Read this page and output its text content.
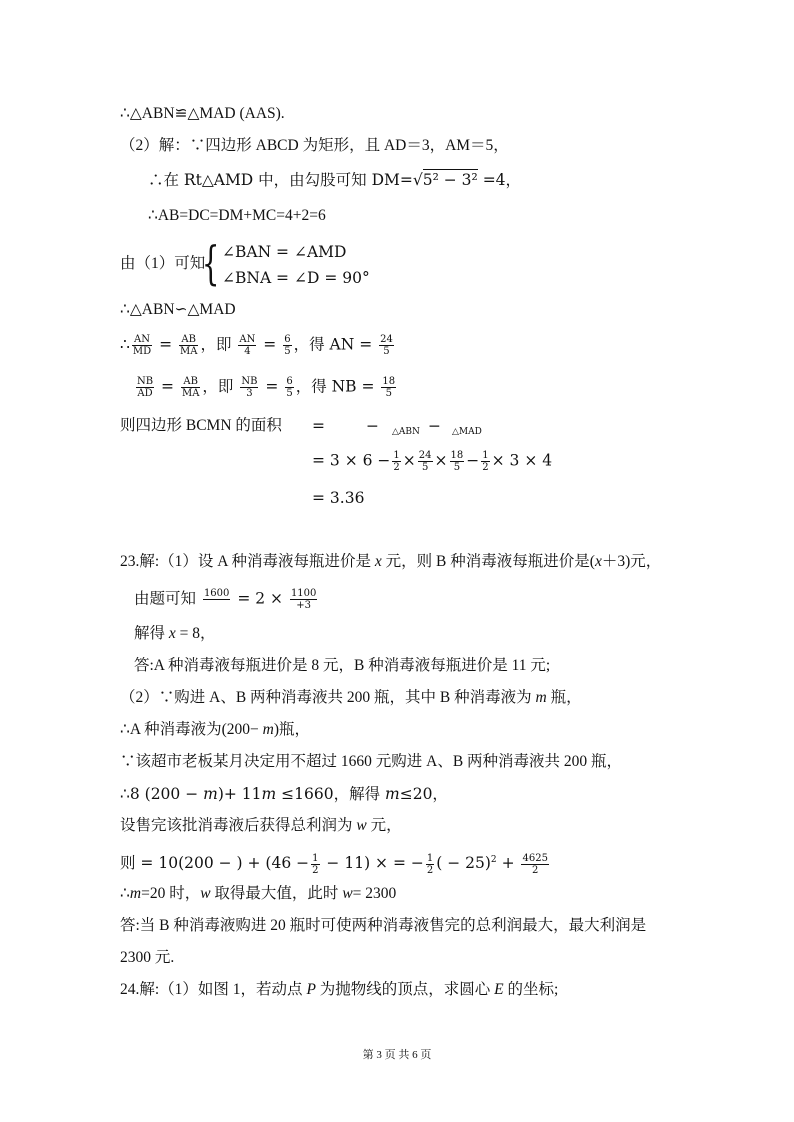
∴△ABN≌△MAD (AAS).
（2）解：∵四边形 ABCD 为矩形，且 AD＝3，AM＝5，
∴在 Rt△AMD 中，由勾股可知 DM=√5² − 3² =4，
∴AB=DC=DM+MC=4+2=6
由（1）可知
{ ∠BAN = ∠AMD
∠BNA = ∠D = 90°
∴△ABN∽△MAD
∴ $\frac{AN}{MD} = \frac{AB}{MA}$ ，即 $\frac{AN}{4} = \frac{6}{5}$ ，得 AN = $\frac{24}{5}$
$\frac{NB}{AD} = \frac{AB}{MA}$ ，即 $\frac{NB}{3} = \frac{6}{5}$ ，得 NB = $\frac{18}{5}$
则四边形 BCMN 的面积 =	− △ABN − △MAD
= $3 \times 6 - \frac{1}{2} \times \frac{24}{5} \times \frac{18}{5} - \frac{1}{2} \times 3 \times 4$
= 3.36
23.解:（1）设 A 种消毒液每瓶进价是 x 元，则 B 种消毒液每瓶进价是(x＋3)元，
由题可知 $1600 = 2 \times \frac{1100}{+3}$
解得 x = 8，
答:A 种消毒液每瓶进价是 8 元，B 种消毒液每瓶进价是 11 元;
（2）∵购进 A、B 两种消毒液共 200 瓶，其中 B 种消毒液为 m 瓶，
∴A 种消毒液为(200− m)瓶，
∵该超市老板某月决定用不超过 1660 元购进 A、B 两种消毒液共 200 瓶，
∴8 (200 − m)+ 11m ≤1660，解得 m≤20，
设售完该批消毒液后获得总利润为 w 元，
则 = 10(200 − ) + $(46 - \frac{1}{2} - 11)$ × = − $\frac{1}{2}$ ( − $25)^2 + \frac{4625}{2}$
∴m=20 时，w 取得最大值，此时 w= 2300
答:当 B 种消毒液购进 20 瓶时可使两种消毒液售完的总利润最大，最大利润是
2300 元.
24.解:（1）如图 1，若动点 P 为抛物线的顶点，求圆心 E 的坐标;
第 3 页 共 6 页
